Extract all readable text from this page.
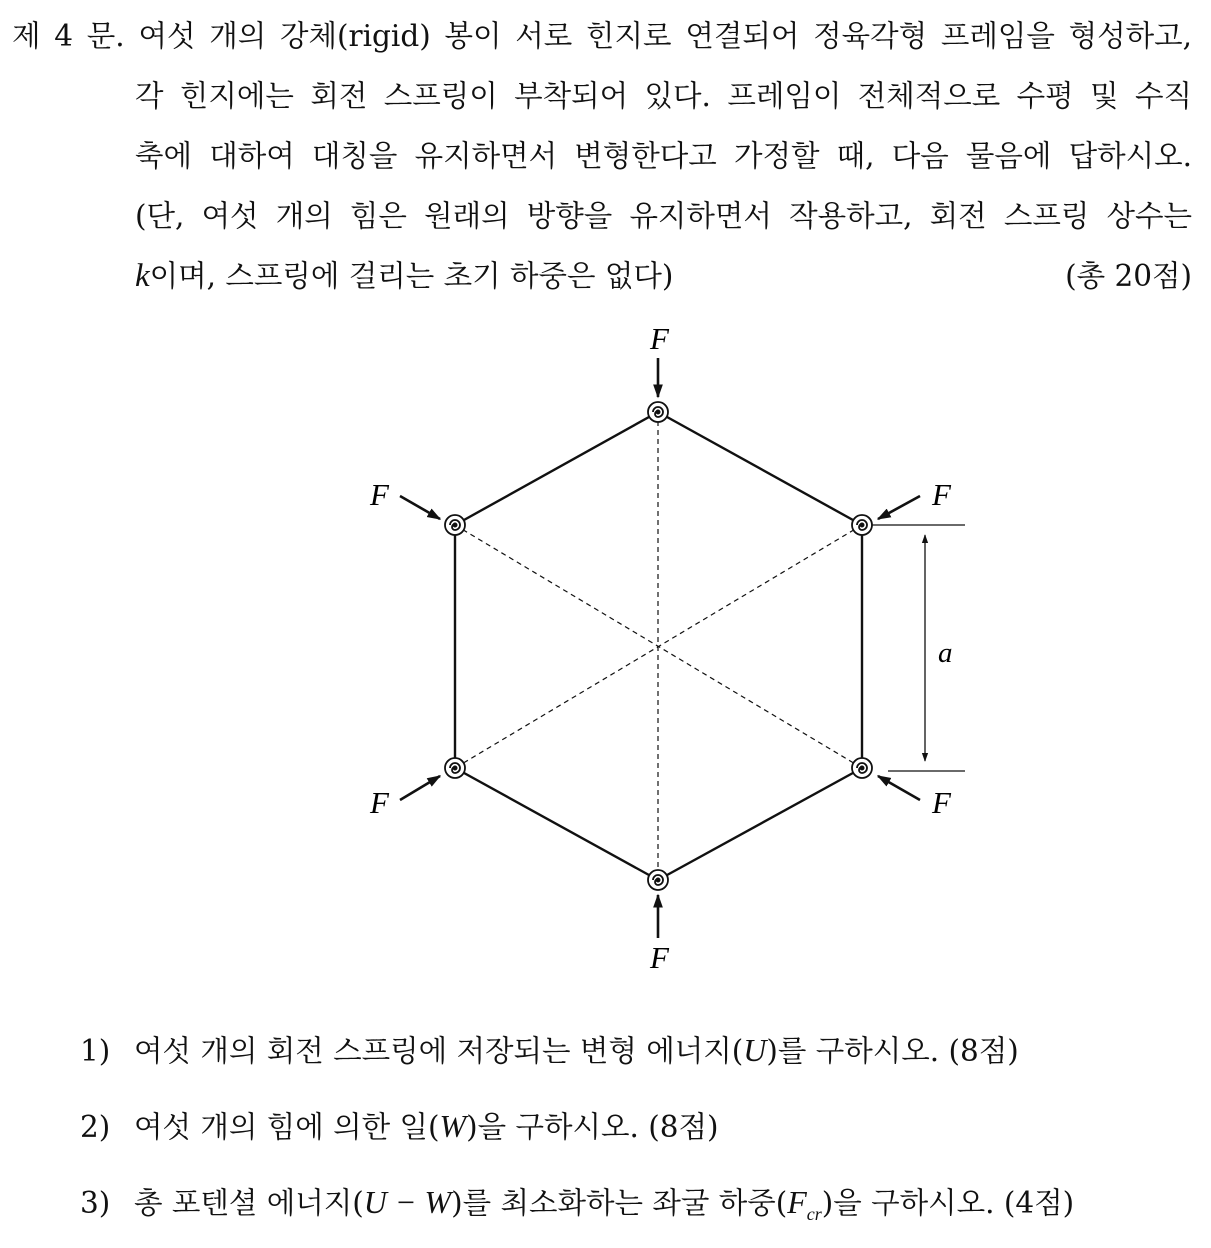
제 4 문. 여섯 개의 강체(rigid) 봉이 서로 힌지로 연결되어 정육각형 프레임을 형성하고,
각 힌지에는 회전 스프링이 부착되어 있다. 프레임이 전체적으로 수평 및 수직
축에 대하여 대칭을 유지하면서 변형한다고 가정할 때, 다음 물음에 답하시오.
(단, 여섯 개의 힘은 원래의 방향을 유지하면서 작용하고, 회전 스프링 상수는
k이며, 스프링에 걸리는 초기 하중은 없다)	(총 20점)
F
F
F	F
F	F
a
1) 여섯 개의 회전 스프링에 저장되는 변형 에너지(U)를 구하시오. (8점)
2) 여섯 개의 힘에 의한 일(W)을 구하시오. (8점)
3) 총 포텐셜 에너지(U − W)를 최소화하는 좌굴 하중$(F_{cr})$을 구하시오. (4점)
